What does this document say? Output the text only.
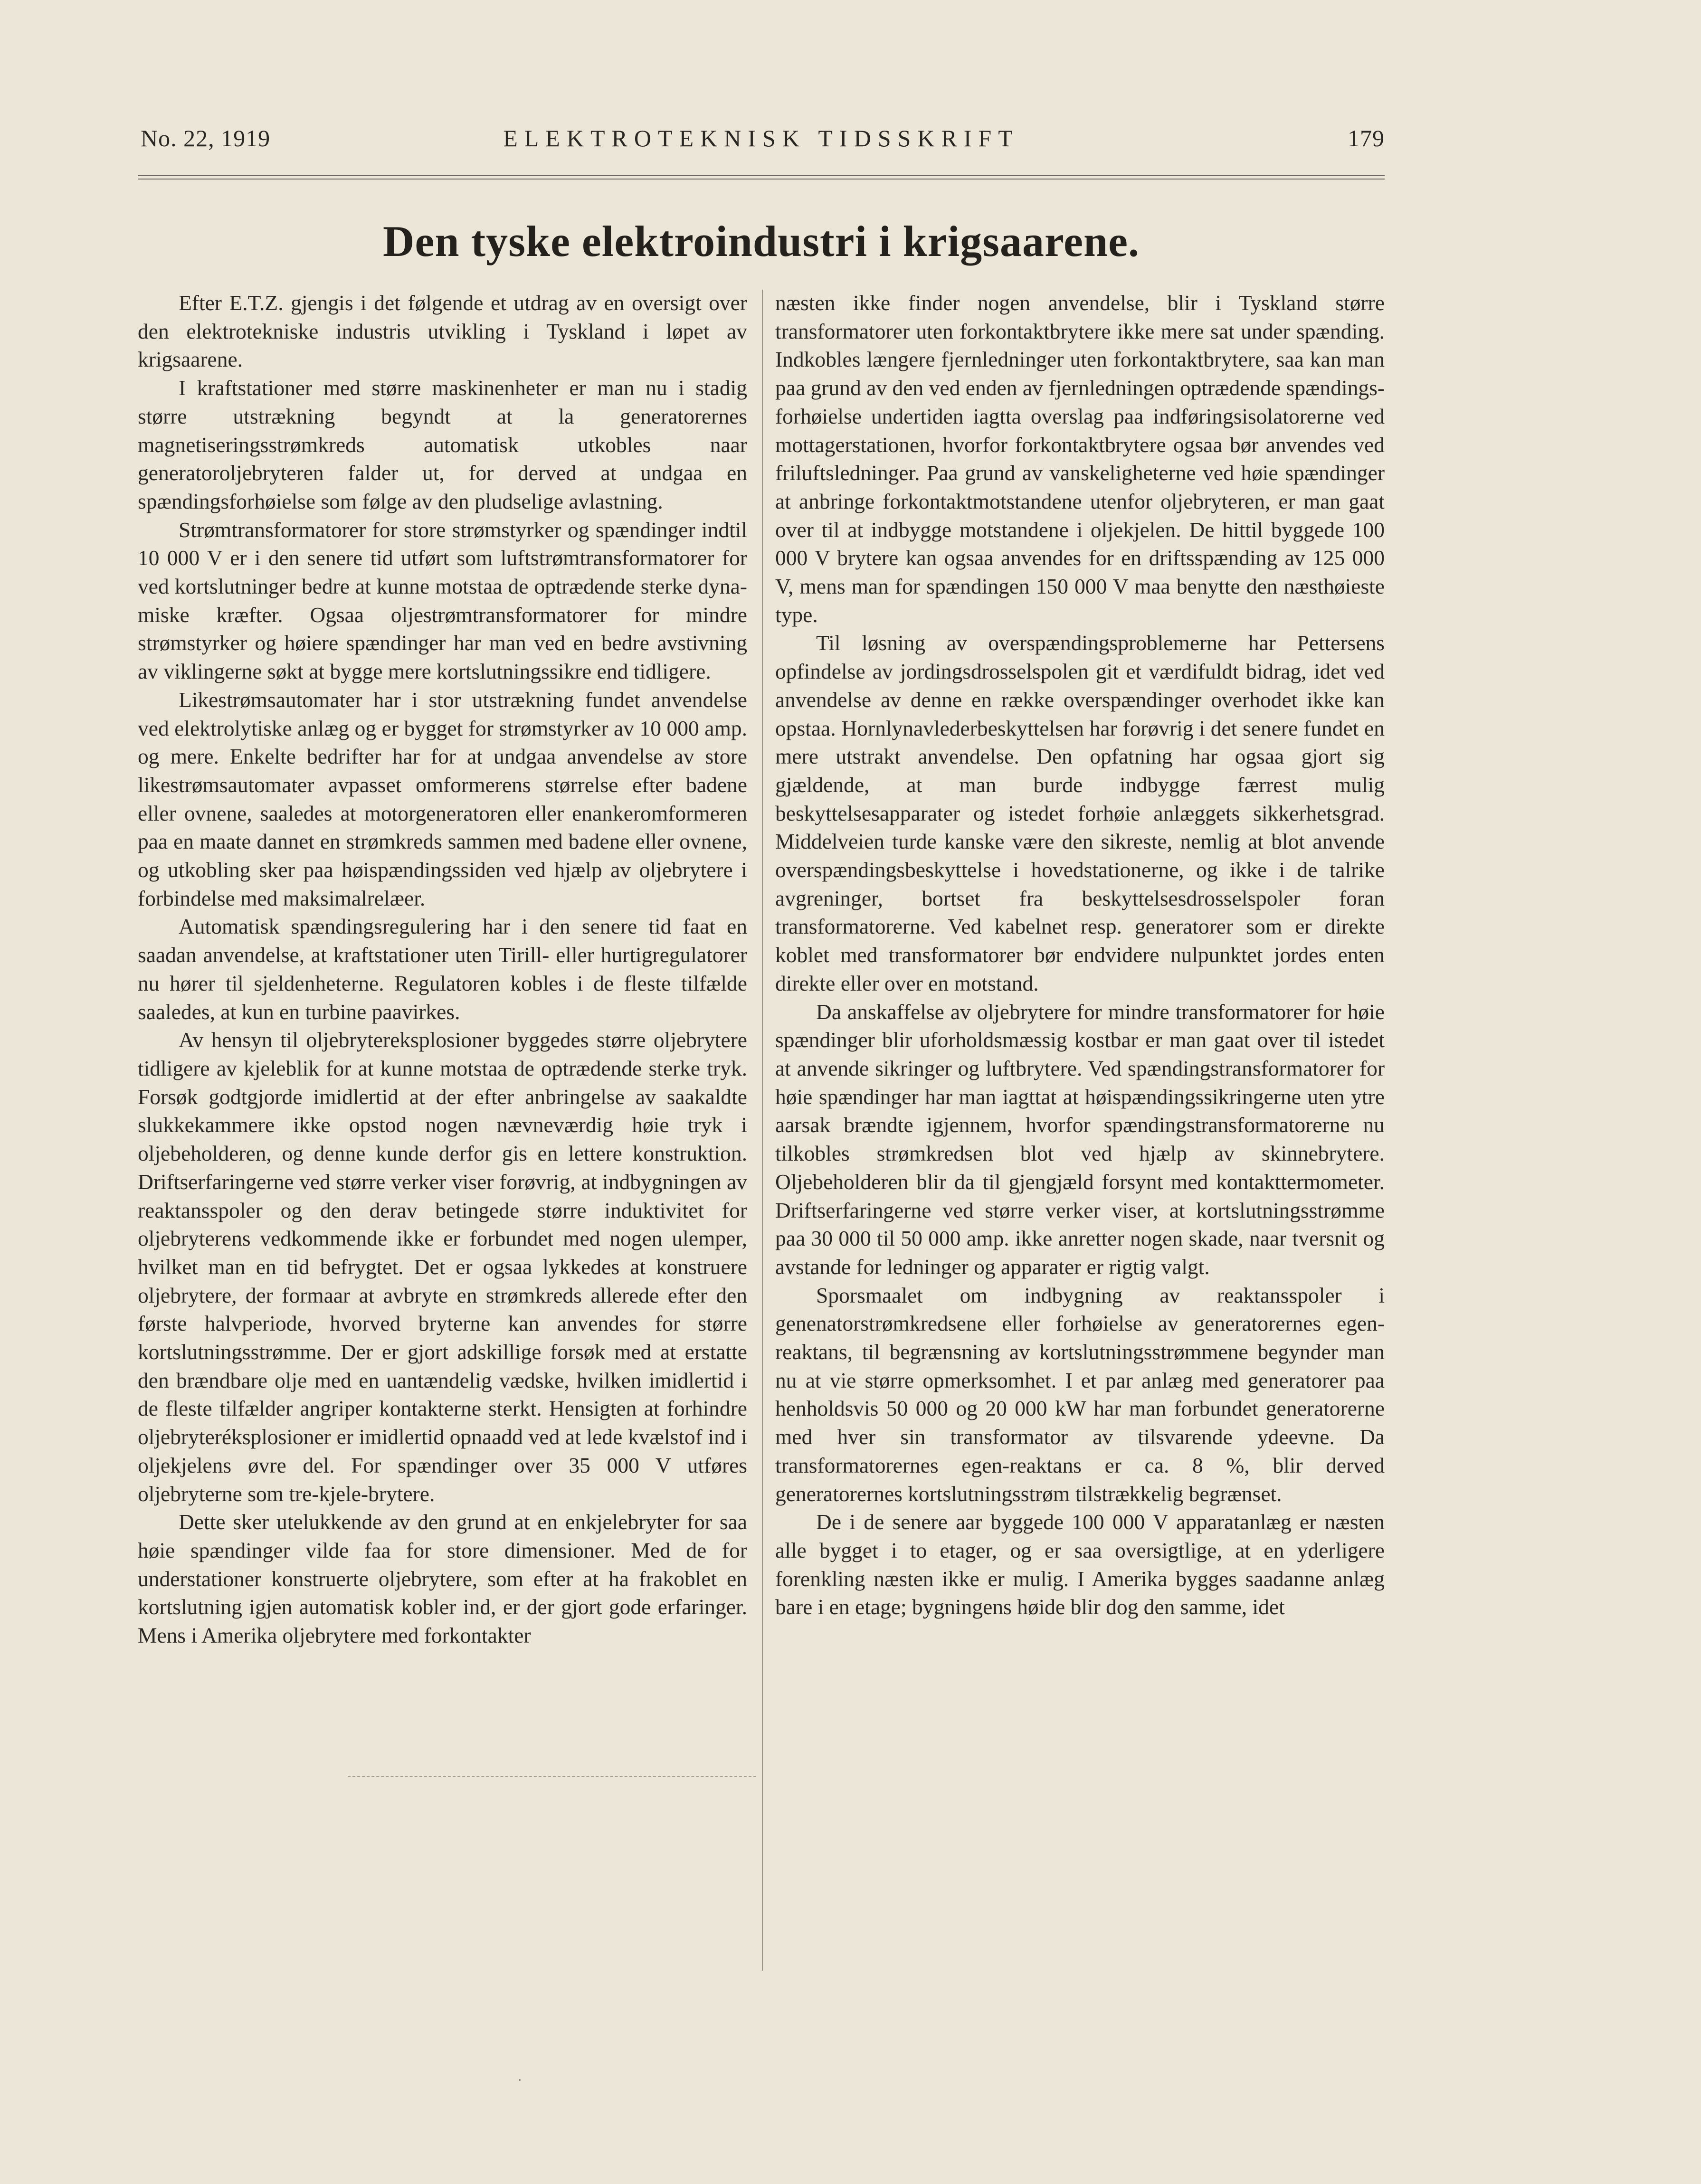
No. 22, 1919	ELEKTROTEKNISK TIDSSKRIFT	179
Den tyske elektroindustri i krigsaarene.

Efter E.T.Z. gjengis i det følgende et utdrag av en oversigt over den elektrotekniske industris utvikling i Tyskland i løpet av krigsaarene.

I kraftstationer med større maskinenheter er man nu i stadig større utstrækning begyndt at la generatorernes magnetiseringsstrømkreds automatisk utkobles naar generatoroljebryteren falder ut, for derved at undgaa en spændingsforhøielse som følge av den pludselige avlastning.

Strømtransformatorer for store strømstyrker og spændinger indtil 10 000 V er i den senere tid utført som luftstrømtransformatorer for ved kortslutninger bedre at kunne motstaa de optrædende sterke dynamiske kræfter. Ogsaa oljestrømtransformatorer for mindre strømstyrker og høiere spændinger har man ved en bedre avstivning av viklingerne søkt at bygge mere kortslutningssikre end tidligere.

Likestrømsautomater har i stor utstrækning fundet anvendelse ved elektrolytiske anlæg og er bygget for strømstyrker av 10 000 amp. og mere. Enkelte bedrifter har for at undgaa anvendelse av store likestrømsautomater avpasset omformerens størrelse efter badene eller ovnene, saaledes at motorgeneratoren eller enankeromformeren paa en maate dannet en strømkreds sammen med badene eller ovnene, og utkobling sker paa høispændingssiden ved hjælp av oljebrytere i forbindelse med maksimalrelæer.

Automatisk spændingsregulering har i den senere tid faat en saadan anvendelse, at kraftstationer uten Tirill- eller hurtigregulatorer nu hører til sjeldenheterne. Regulatoren kobles i de fleste tilfælde saaledes, at kun en turbine paavirkes.

Av hensyn til oljebrytereksplosioner byggedes større oljebrytere tidligere av kjeleblik for at kunne motstaa de optrædende sterke tryk. Forsøk godtgjorde imidlertid at der efter anbringelse av saakaldte slukkekammere ikke opstod nogen nævneværdig høie tryk i oljebeholderen, og denne kunde derfor gis en lettere konstruktion. Driftserfaringerne ved større verker viser forøvrig, at indbygningen av reaktansspoler og den derav betingede større induktivitet for oljebryterens vedkommende ikke er forbundet med nogen ulemper, hvilket man en tid befrygtet. Det er ogsaa lykkedes at konstruere oljebrytere, der formaar at avbryte en strømkreds allerede efter den første halvperiode, hvorved bryterne kan anvendes for større kortslutningsstrømme. Der er gjort adskillige forsøk med at erstatte den brændbare olje med en uantændelig vædske, hvilken imidlertid i de fleste tilfælder angriper kontakterne sterkt. Hensigten at forhindre oljebryteréksplosioner er imidlertid opnaadd ved at lede kvælstof ind i oljekjelens øvre del. For spændinger over 35 000 V utføres oljebryterne som tre-kjele-brytere.

Dette sker utelukkende av den grund at en enkjelebryter for saa høie spændinger vilde faa for store dimensioner. Med de for understationer konstruerte oljebrytere, som efter at ha frakoblet en kortslutning igjen automatisk kobler ind, er der gjort gode erfaringer. Mens i Amerika oljebrytere med forkontakter

næsten ikke finder nogen anvendelse, blir i Tyskland større transformatorer uten forkontaktbrytere ikke mere sat under spænding. Indkobles længere fjernledninger uten forkontaktbrytere, saa kan man paa grund av den ved enden av fjernledningen optrædende spændingsforhøielse undertiden iagtta overslag paa indføringsisolatorerne ved mottagerstationen, hvorfor forkontaktbrytere ogsaa bør anvendes ved friluftsledninger. Paa grund av vanskeligheterne ved høie spændinger at anbringe forkontaktmotstandene utenfor oljebryteren, er man gaat over til at indbygge motstandene i oljekjelen. De hittil byggede 100 000 V brytere kan ogsaa anvendes for en driftsspænding av 125 000 V, mens man for spændingen 150 000 V maa benytte den næsthøieste type.

Til løsning av overspændingsproblemerne har Pettersens opfindelse av jordingsdrosselspolen git et værdifuldt bidrag, idet ved anvendelse av denne en række overspændinger overhodet ikke kan opstaa. Hornlynavlederbeskyttelsen har forøvrig i det senere fundet en mere utstrakt anvendelse. Den opfatning har ogsaa gjort sig gjældende, at man burde indbygge færrest mulig beskyttelsesapparater og istedet forhøie anlæggets sikkerhetsgrad. Middelveien turde kanske være den sikreste, nemlig at blot anvende overspændingsbeskyttelse i hovedstationerne, og ikke i de talrike avgreninger, bortset fra beskyttelsesdrosselspoler foran transformatorerne. Ved kabelnet resp. generatorer som er direkte koblet med transformatorer bør endvidere nulpunktet jordes enten direkte eller over en motstand.

Da anskaffelse av oljebrytere for mindre transformatorer for høie spændinger blir uforholdsmæssig kostbar er man gaat over til istedet at anvende sikringer og luftbrytere. Ved spændingstransformatorer for høie spændinger har man iagttat at høispændingssikringerne uten ytre aarsak brændte igjennem, hvorfor spændingstransformatorerne nu tilkobles strømkredsen blot ved hjælp av skinnebrytere. Oljebeholderen blir da til gjengjæld forsynt med kontakttermometer. Driftserfaringerne ved større verker viser, at kortslutningsstrømme paa 30 000 til 50 000 amp. ikke anretter nogen skade, naar tversnit og avstande for ledninger og apparater er rigtig valgt.

Sporsmaalet om indbygning av reaktansspoler i genenatorstrømkredsene eller forhøielse av generatorernes egen-reaktans, til begrænsning av kortslutningsstrømmene begynder man nu at vie større opmerksomhet. I et par anlæg med generatorer paa henholdsvis 50 000 og 20 000 kW har man forbundet generatorerne med hver sin transformator av tilsvarende ydeevne. Da transformatorernes egen-reaktans er ca. 8 %, blir derved generatorernes kortslutningsstrøm tilstrækkelig begrænset.

De i de senere aar byggede 100 000 V apparatanlæg er næsten alle bygget i to etager, og er saa oversigtlige, at en yderligere forenkling næsten ikke er mulig. I Amerika bygges saadanne anlæg bare i en etage; bygningens høide blir dog den samme, idet
